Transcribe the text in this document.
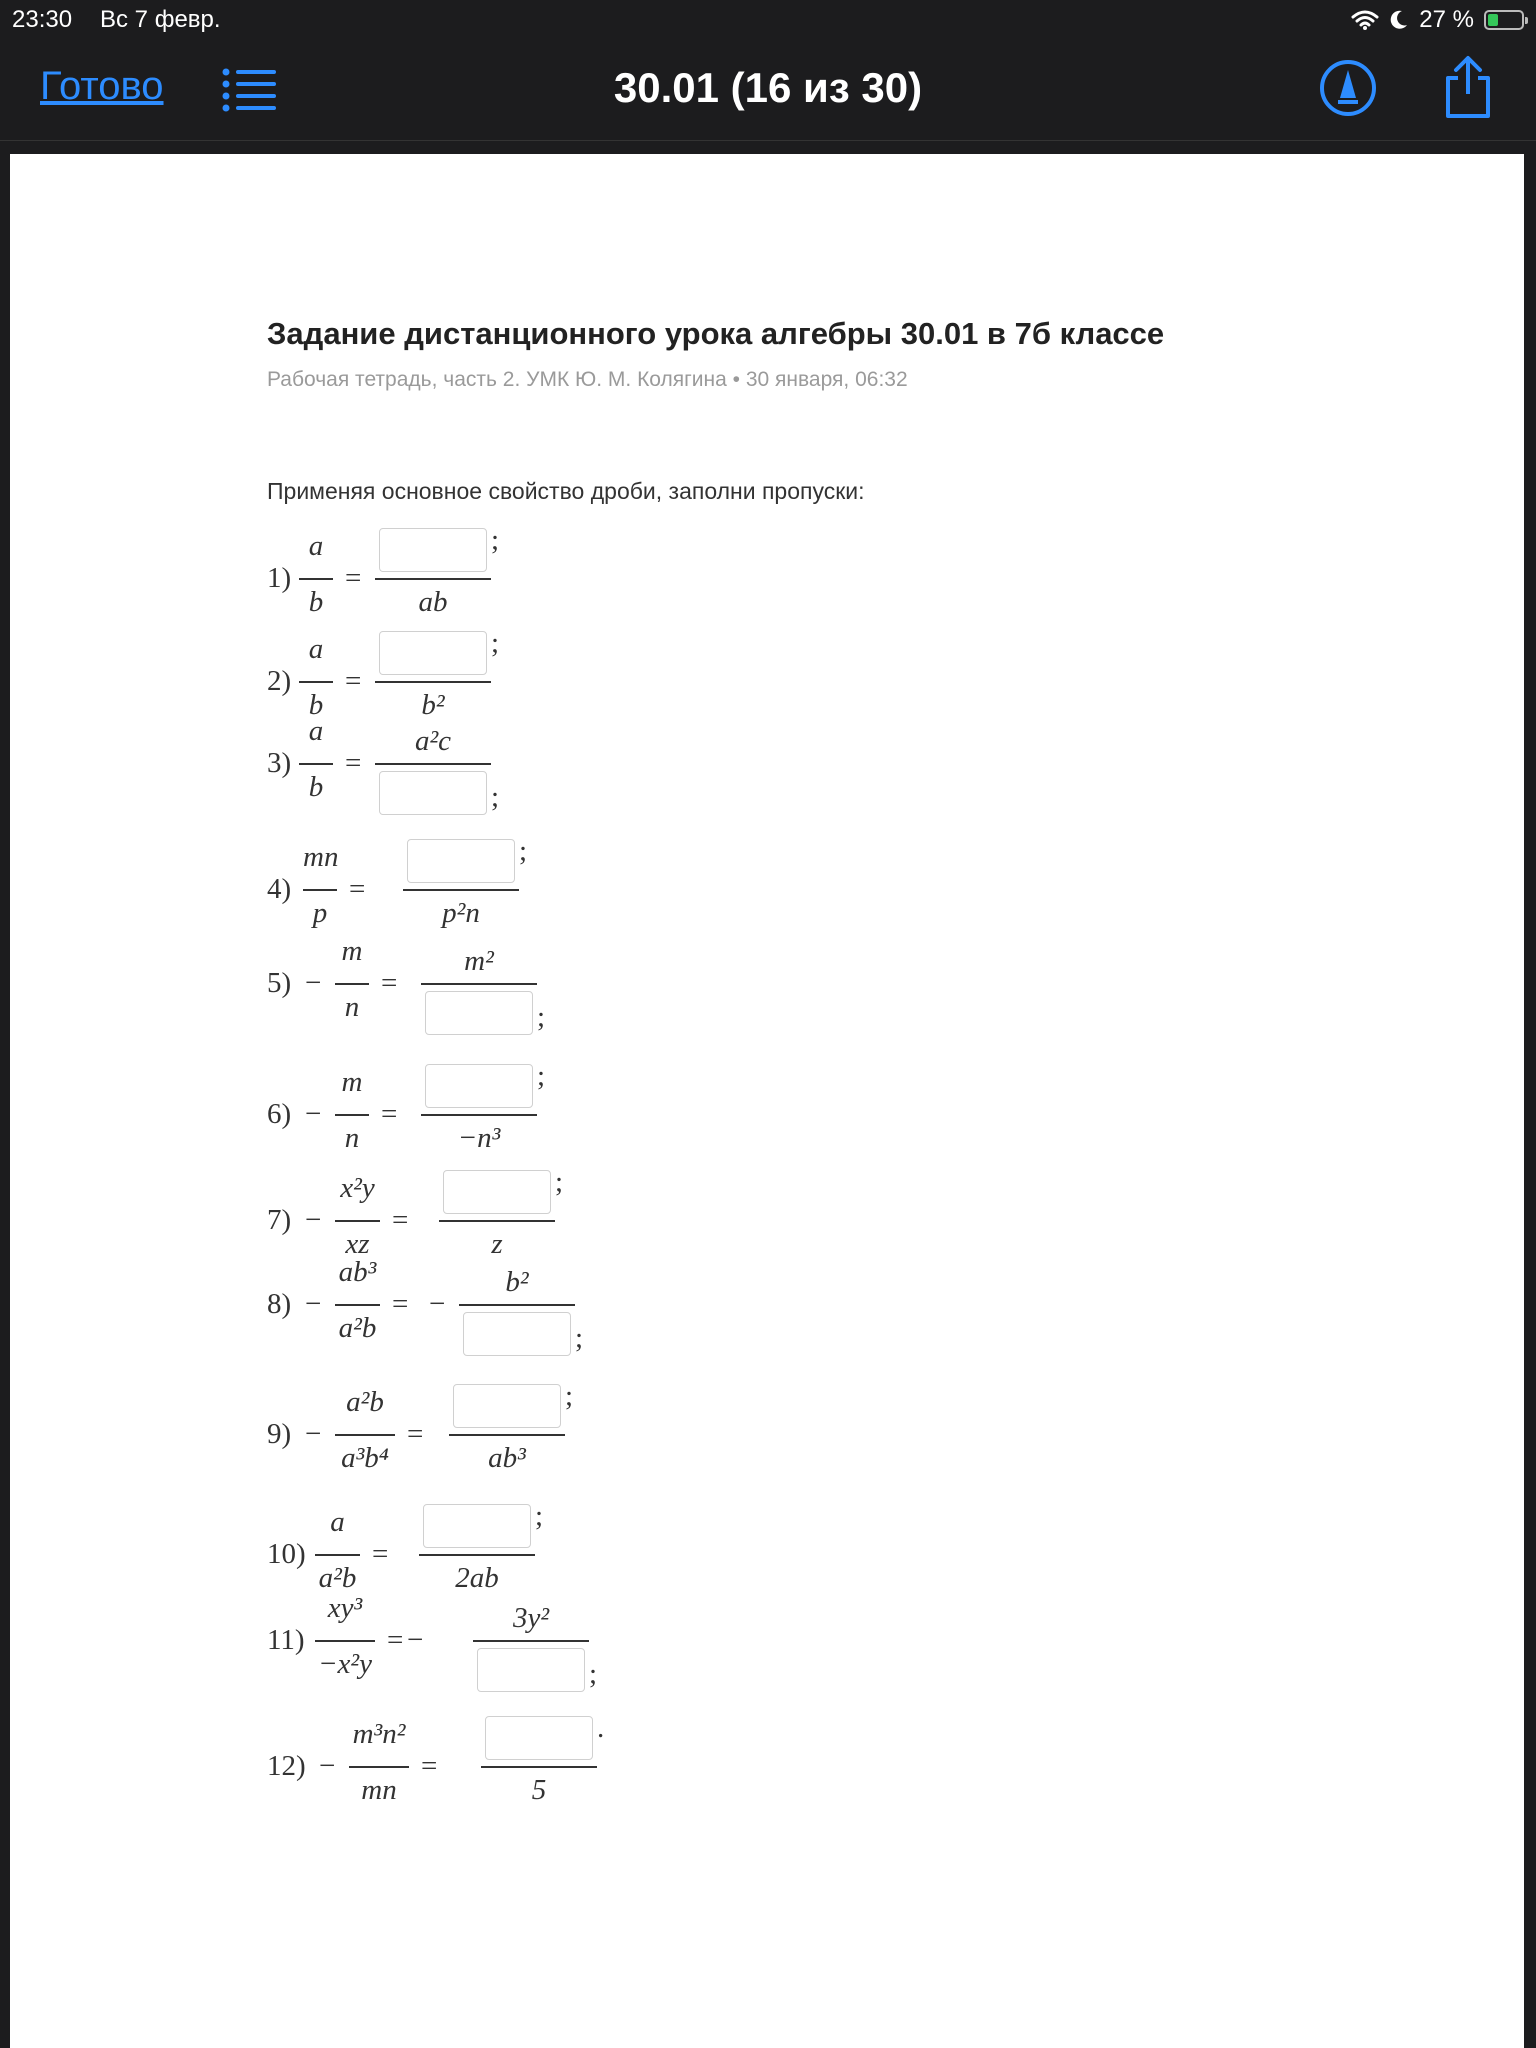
23:30 Вс 7 февр.	27 %
Готово	30.01 (16 из 30)
Задание дистанционного урока алгебры 30.01 в 7б классе
Рабочая тетрадь, часть 2. УМК Ю. М. Колягина • 30 января, 06:32
Применяя основное свойство дроби, заполни пропуски:
1)
a
b
=
ab
;
2)
a
b
=
b²
;
3)
a
b
=
a²c
;
4)
mn
p
=
p²n
;
5) −
m
n
=
m²
;
6) −
m
n
=
−n³
;
7) −
x²y
xz
=
z
;
8) −
ab³
a²b
= −
b²
;
9) −
a²b
a³b⁴
=
ab³
;
10)
a
a²b
=
2ab
;
11)
xy³
−x²y
= −
3y²
;
12) −
m³n²
mn
=
5
.
